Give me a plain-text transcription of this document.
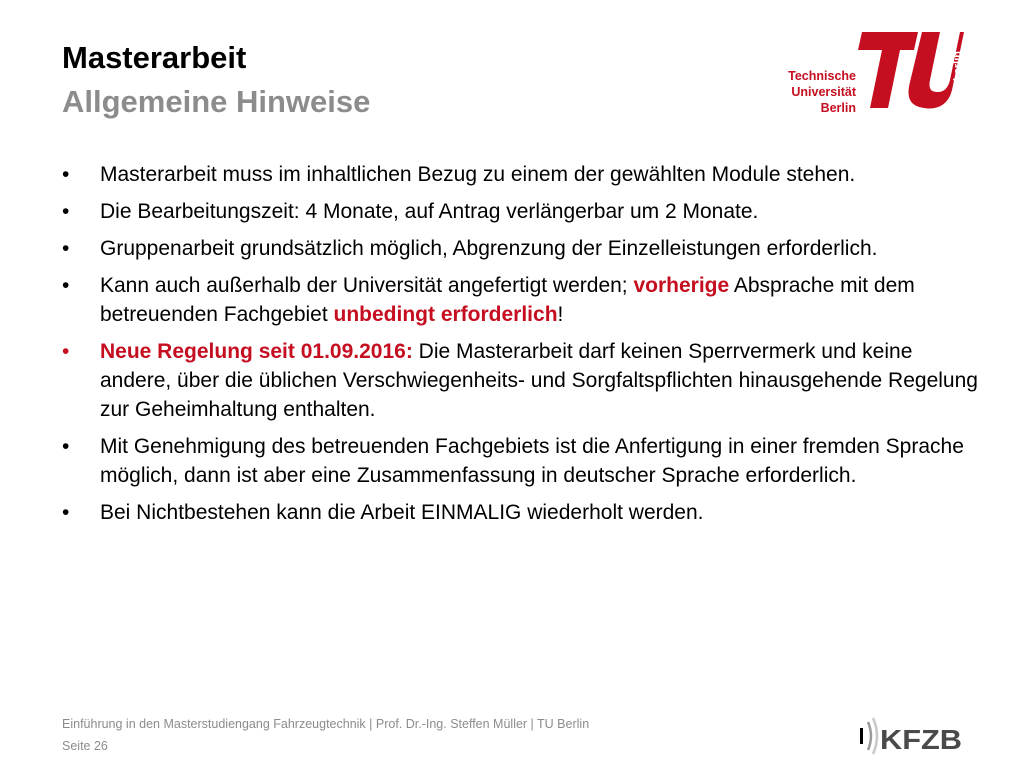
Masterarbeit
Allgemeine Hinweise
Technische
Universität
Berlin
berlin
•	Masterarbeit muss im inhaltlichen Bezug zu einem der gewählten Module stehen.
•	Die Bearbeitungszeit: 4 Monate, auf Antrag verlängerbar um 2 Monate.
•	Gruppenarbeit grundsätzlich möglich, Abgrenzung der Einzelleistungen erforderlich.
•	Kann auch außerhalb der Universität angefertigt werden; vorherige Absprache mit dem betreuenden Fachgebiet unbedingt erforderlich!
•	Neue Regelung seit 01.09.2016: Die Masterarbeit darf keinen Sperrvermerk und keine andere, über die üblichen Verschwiegenheits- und Sorgfaltspflichten hinausgehende Regelung zur Geheimhaltung enthalten.
•	Mit Genehmigung des betreuenden Fachgebiets ist die Anfertigung in einer fremden Sprache möglich, dann ist aber eine Zusammenfassung in deutscher Sprache erforderlich.
•	Bei Nichtbestehen kann die Arbeit EINMALIG wiederholt werden.
Einführung in den Masterstudiengang Fahrzeugtechnik | Prof. Dr.-Ing. Steffen Müller | TU Berlin
Seite 26	KFZB
